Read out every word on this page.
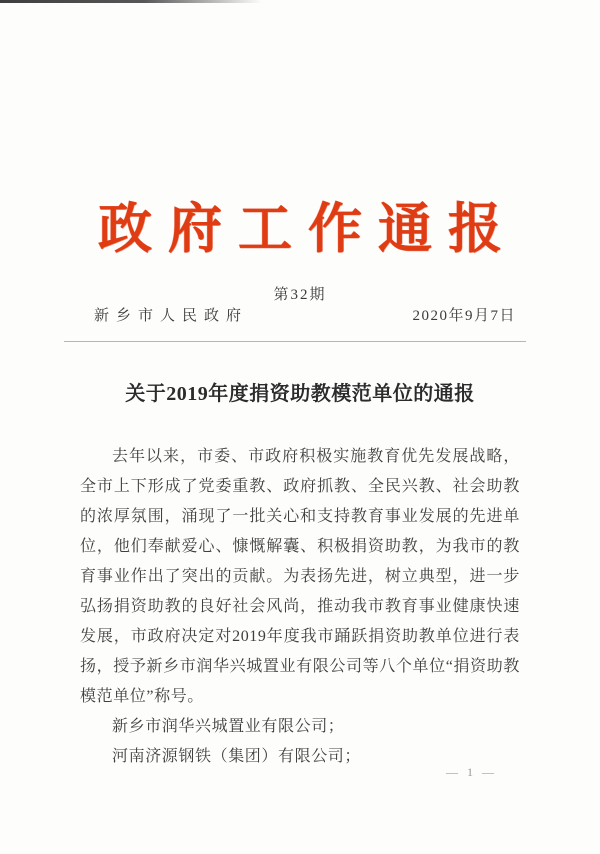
政府工作通报
第32期
新乡市人民政府	2020年9月7日
关于2019年度捐资助教模范单位的通报

去年以来，市委、市政府积极实施教育优先发展战略，全市上下形成了党委重教、政府抓教、全民兴教、社会助教的浓厚氛围，涌现了一批关心和支持教育事业发展的先进单位，他们奉献爱心、慷慨解囊、积极捐资助教，为我市的教育事业作出了突出的贡献。为表扬先进，树立典型，进一步弘扬捐资助教的良好社会风尚，推动我市教育事业健康快速发展，市政府决定对2019年度我市踊跃捐资助教单位进行表扬，授予新乡市润华兴城置业有限公司等八个单位“捐资助教模范单位”称号。

新乡市润华兴城置业有限公司；

河南济源钢铁（集团）有限公司；

— 1 —
